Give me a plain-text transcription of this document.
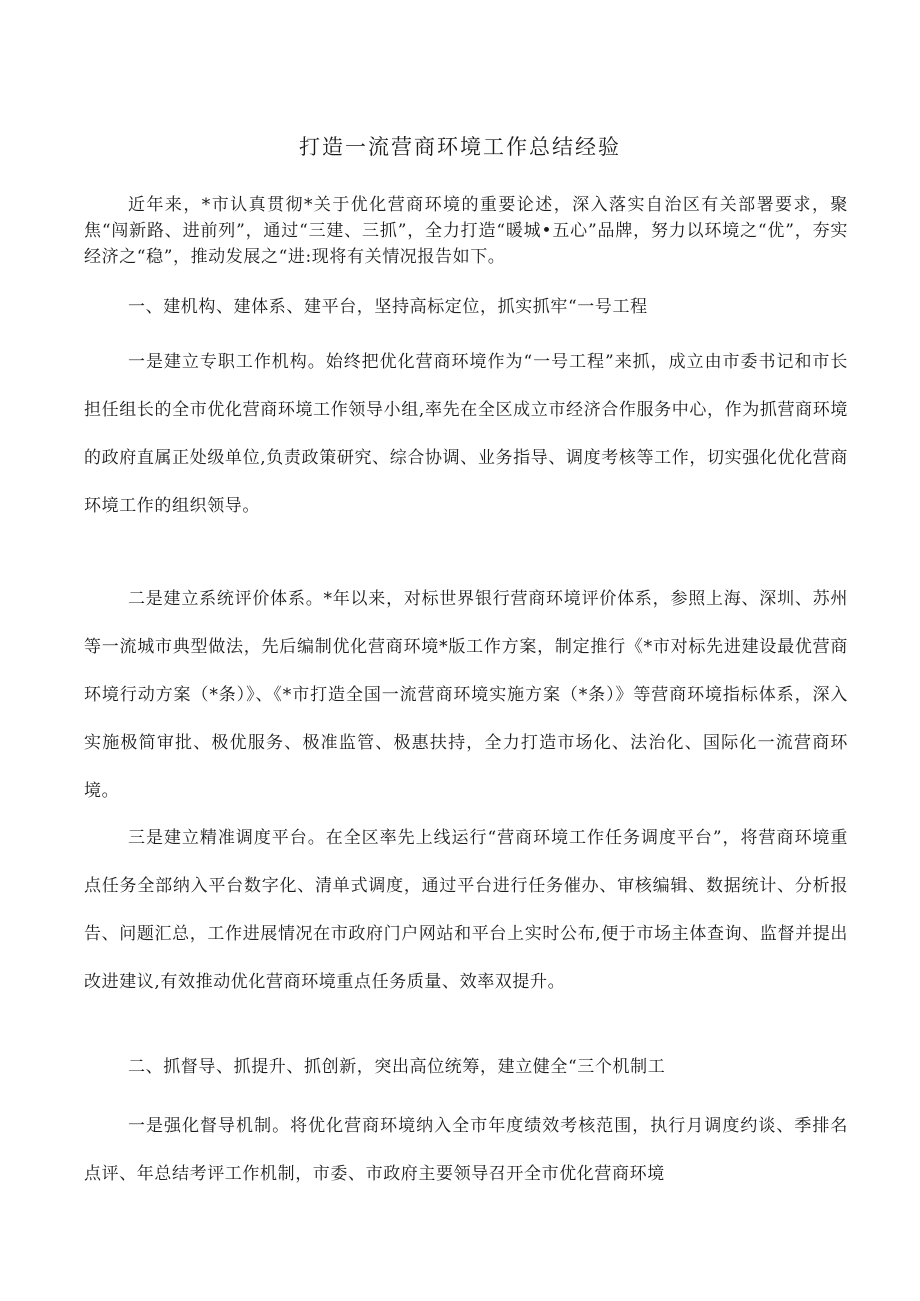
打造一流营商环境工作总结经验

近年来，*市认真贯彻*关于优化营商环境的重要论述，深入落实自治区有关部署要求，聚焦“闯新路、进前列”，通过“三建、三抓”，全力打造“暖城•五心”品牌，努力以环境之“优”，夯实经济之“稳”，推动发展之“进:现将有关情况报告如下。

一、建机构、建体系、建平台，坚持高标定位，抓实抓牢“一号工程

一是建立专职工作机构。始终把优化营商环境作为“一号工程”来抓，成立由市委书记和市长担任组长的全市优化营商环境工作领导小组,率先在全区成立市经济合作服务中心，作为抓营商环境的政府直属正处级单位,负责政策研究、综合协调、业务指导、调度考核等工作，切实强化优化营商环境工作的组织领导。

二是建立系统评价体系。*年以来，对标世界银行营商环境评价体系，参照上海、深圳、苏州等一流城市典型做法，先后编制优化营商环境*版工作方案，制定推行《*市对标先进建设最优营商环境行动方案（*条）》、《*市打造全国一流营商环境实施方案（*条）》等营商环境指标体系，深入实施极简审批、极优服务、极准监管、极惠扶持，全力打造市场化、法治化、国际化一流营商环境。

三是建立精准调度平台。在全区率先上线运行“营商环境工作任务调度平台”，将营商环境重点任务全部纳入平台数字化、清单式调度，通过平台进行任务催办、审核编辑、数据统计、分析报告、问题汇总，工作进展情况在市政府门户网站和平台上实时公布,便于市场主体查询、监督并提出改进建议,有效推动优化营商环境重点任务质量、效率双提升。

二、抓督导、抓提升、抓创新，突出高位统筹，建立健全“三个机制工

一是强化督导机制。将优化营商环境纳入全市年度绩效考核范围，执行月调度约谈、季排名点评、年总结考评工作机制，市委、市政府主要领导召开全市优化营商环境
